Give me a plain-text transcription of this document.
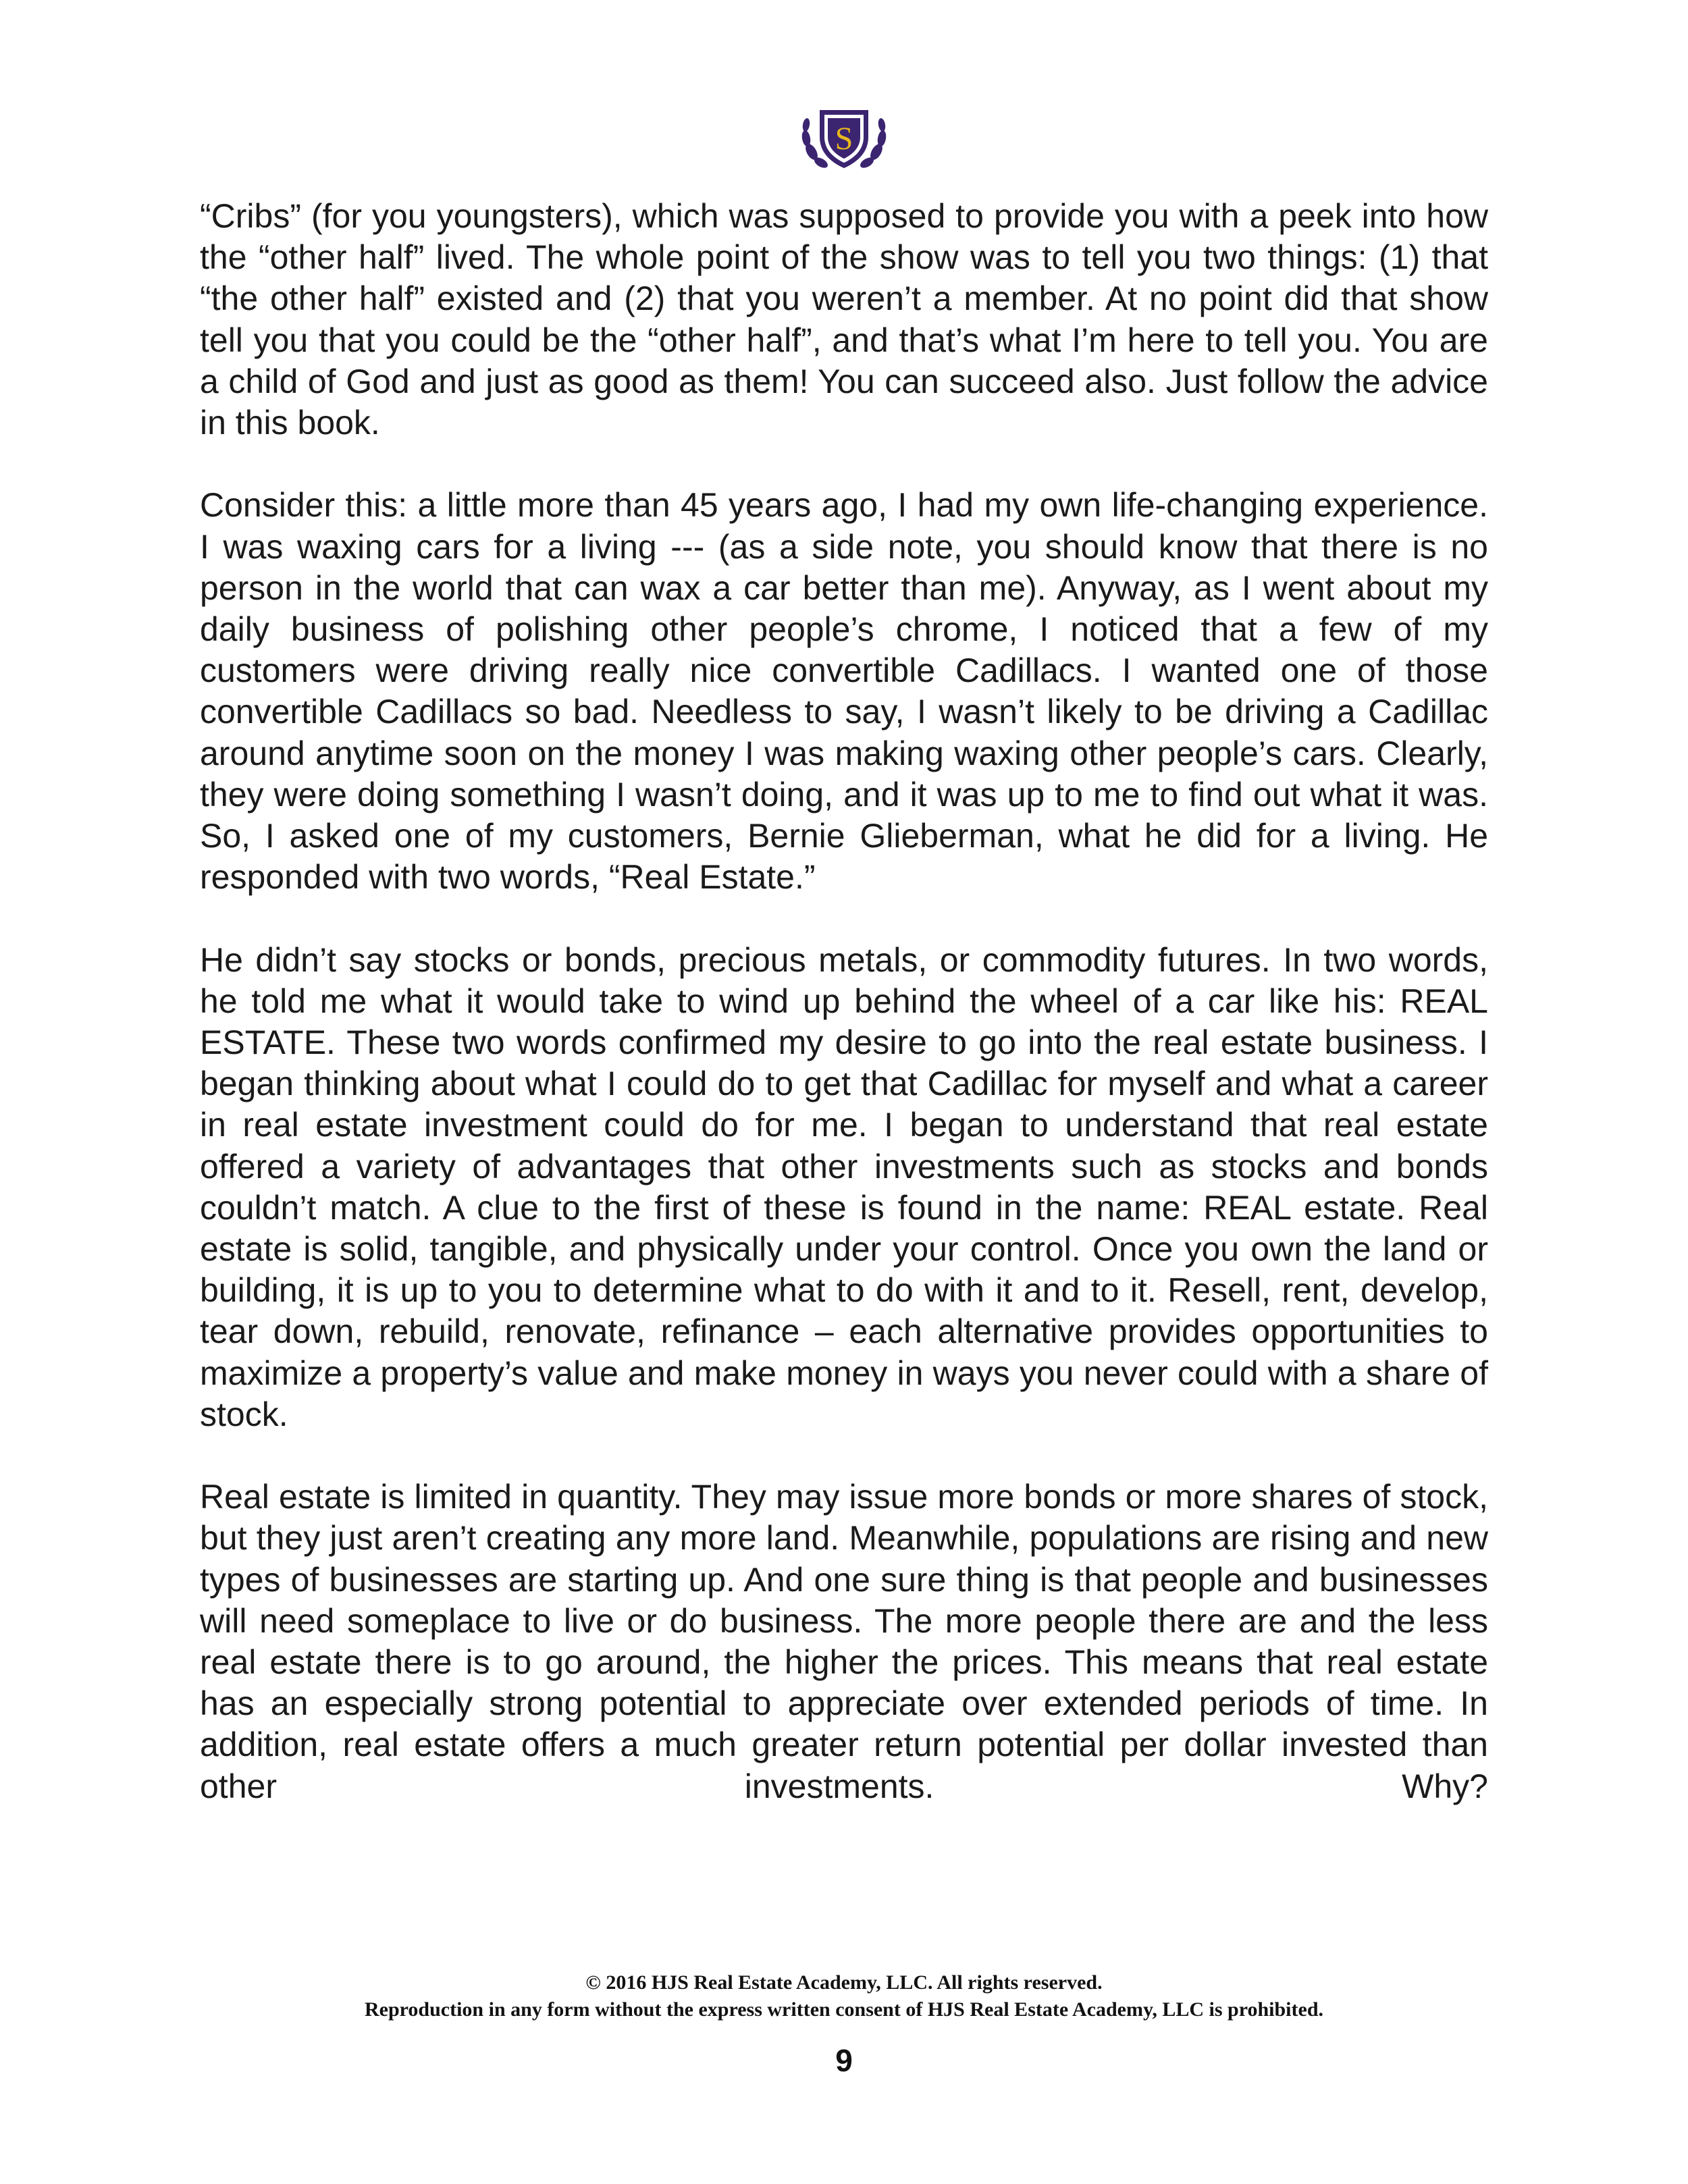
S

“Cribs” (for you youngsters), which was supposed to provide you with a peek into how the “other half” lived. The whole point of the show was to tell you two things: (1) that “the other half” existed and (2) that you weren’t a member. At no point did that show tell you that you could be the “other half”, and that’s what I’m here to tell you. You are a child of God and just as good as them! You can succeed also. Just follow the advice in this book.

Consider this: a little more than 45 years ago, I had my own life-changing experience. I was waxing cars for a living --- (as a side note, you should know that there is no person in the world that can wax a car better than me). Anyway, as I went about my daily business of polishing other people’s chrome, I noticed that a few of my customers were driving really nice convertible Cadillacs. I wanted one of those convertible Cadillacs so bad. Needless to say, I wasn’t likely to be driving a Cadillac around anytime soon on the money I was making waxing other people’s cars. Clearly, they were doing something I wasn’t doing, and it was up to me to find out what it was. So, I asked one of my customers, Bernie Glieberman, what he did for a living. He responded with two words, “Real Estate.”

He didn’t say stocks or bonds, precious metals, or commodity futures. In two words, he told me what it would take to wind up behind the wheel of a car like his: REAL ESTATE. These two words confirmed my desire to go into the real estate business. I began thinking about what I could do to get that Cadillac for myself and what a career in real estate investment could do for me. I began to understand that real estate offered a variety of advantages that other investments such as stocks and bonds couldn’t match. A clue to the first of these is found in the name: REAL estate. Real estate is solid, tangible, and physically under your control. Once you own the land or building, it is up to you to determine what to do with it and to it. Resell, rent, develop, tear down, rebuild, renovate, refinance – each alternative provides opportunities to maximize a property’s value and make money in ways you never could with a share of stock.

Real estate is limited in quantity. They may issue more bonds or more shares of stock, but they just aren’t creating any more land. Meanwhile, populations are rising and new types of businesses are starting up. And one sure thing is that people and businesses will need someplace to live or do business. The more people there are and the less real estate there is to go around, the higher the prices. This means that real estate has an especially strong potential to appreciate over extended periods of time. In addition, real estate offers a much greater return potential per dollar invested than other investments. Why?

© 2016 HJS Real Estate Academy, LLC. All rights reserved.
Reproduction in any form without the express written consent of HJS Real Estate Academy, LLC is prohibited.
9
